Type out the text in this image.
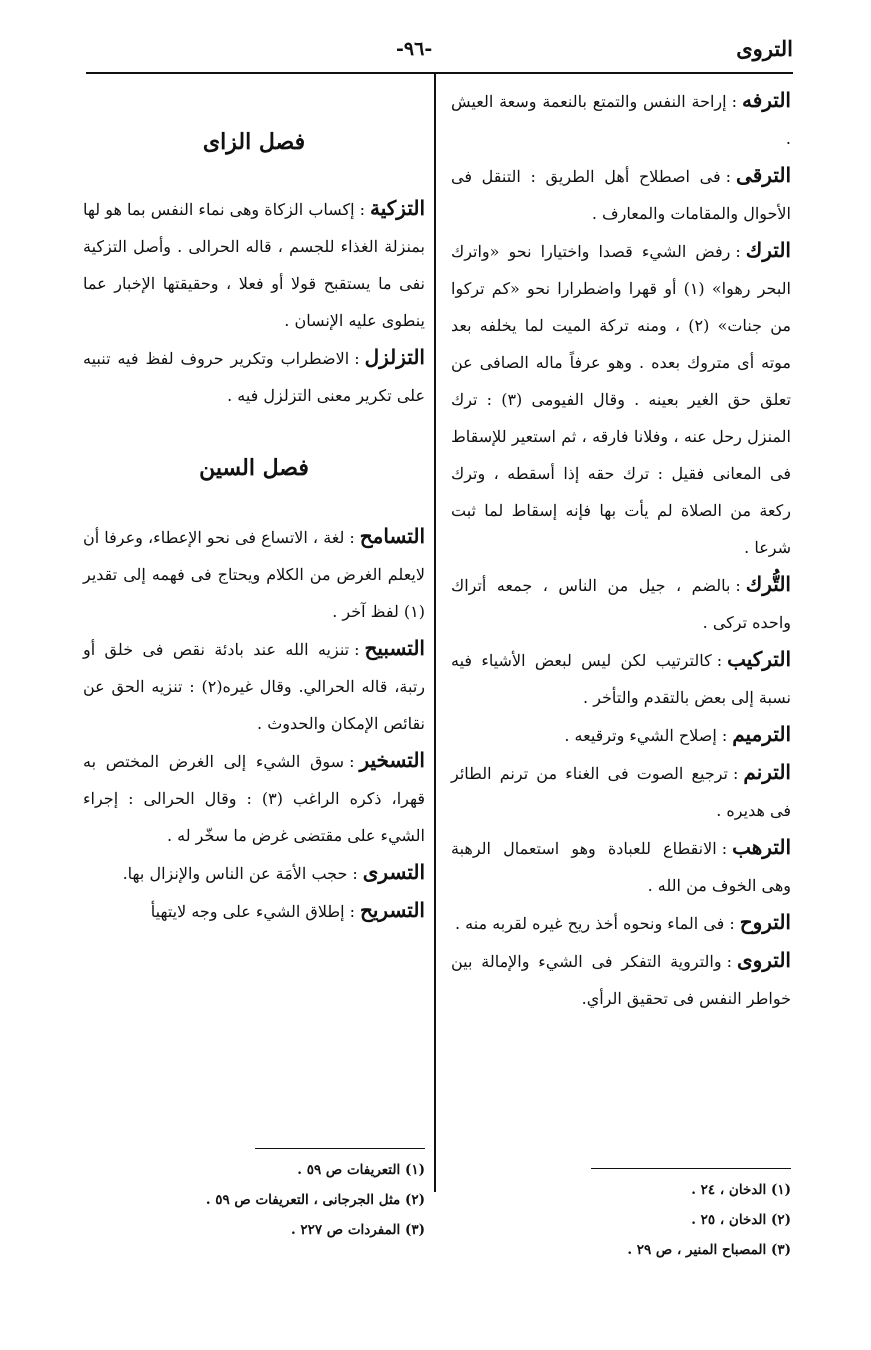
التروى
-٩٦-

الترفه:إراحة النفس والتمتع بالنعمة وسعة العيش .

الترقى:فى اصطلاح أهل الطريق : التنقل فى الأحوال والمقامات والمعارف .

الترك:رفض الشيء قصدا واختيارا نحو «واترك البحر رهوا» (١) أو قهرا واضطرارا نحو «كم تركوا من جنات» (٢) ، ومنه تركة الميت لما يخلفه بعد موته أى متروك بعده . وهو عرفاً ماله الصافى عن تعلق حق الغير بعينه . وقال الفيومى (٣) : ترك المنزل رحل عنه ، وفلانا فارقه ، ثم استعير للإسقاط فى المعانى فقيل : ترك حقه إذا أسقطه ، وترك ركعة من الصلاة لم يأت بها فإنه إسقاط لما ثبت شرعا .

التُّرك:بالضم ، جيل من الناس ، جمعه أتراك واحده تركى .

التركيب:كالترتيب لكن ليس لبعض الأشياء فيه نسبة إلى بعض بالتقدم والتأخر .

الترميم:إصلاح الشيء وترقيعه .

الترنم:ترجيع الصوت فى الغناء من ترنم الطائر فى هديره .

الترهب:الانقطاع للعبادة وهو استعمال الرهبة وهى الخوف من الله .

التروح:فى الماء ونحوه أخذ ريح غيره لقربه منه .

التروى:والتروية التفكر فى الشيء والإمالة بين خواطر النفس فى تحقيق الرأي.

فصل الزاى

التزكية:إكساب الزكاة وهى نماء النفس بما هو لها بمنزلة الغذاء للجسم ، قاله الحرالى . وأصل التزكية نفى ما يستقبح قولا أو فعلا ، وحقيقتها الإخبار عما ينطوى عليه الإنسان .

التزلزل:الاضطراب وتكرير حروف لفظ فيه تنبيه على تكرير معنى التزلزل فيه .

فصل السين

التسامح:لغة ، الاتساع فى نحو الإعطاء، وعرفا أن لايعلم الغرض من الكلام ويحتاج فى فهمه إلى تقدير (١) لفظ آخر .

التسبيح:تنزيه الله عند بادئة نقص فى خلق أو رتبة، قاله الحرالي. وقال غيره(٢) : تنزيه الحق عن نقائص الإمكان والحدوث .

التسخير:سوق الشيء إلى الغرض المختص به قهرا، ذكره الراغب (٣) : وقال الحرالى : إجراء الشيء على مقتضى غرض ما سخّر له .

التسرى:حجب الأمَة عن الناس والإنزال بها.

التسريح:إطلاق الشيء على وجه لايتهيأ

(١) الدخان ، ٢٤ .

(٢) الدخان ، ٢٥ .

(٣) المصباح المنير ، ص ٢٩ .

(١) التعريفات ص ٥٩ .

(٢) مثل الجرجانى ، التعريفات ص ٥٩ .

(٣) المفردات ص ٢٢٧ .
